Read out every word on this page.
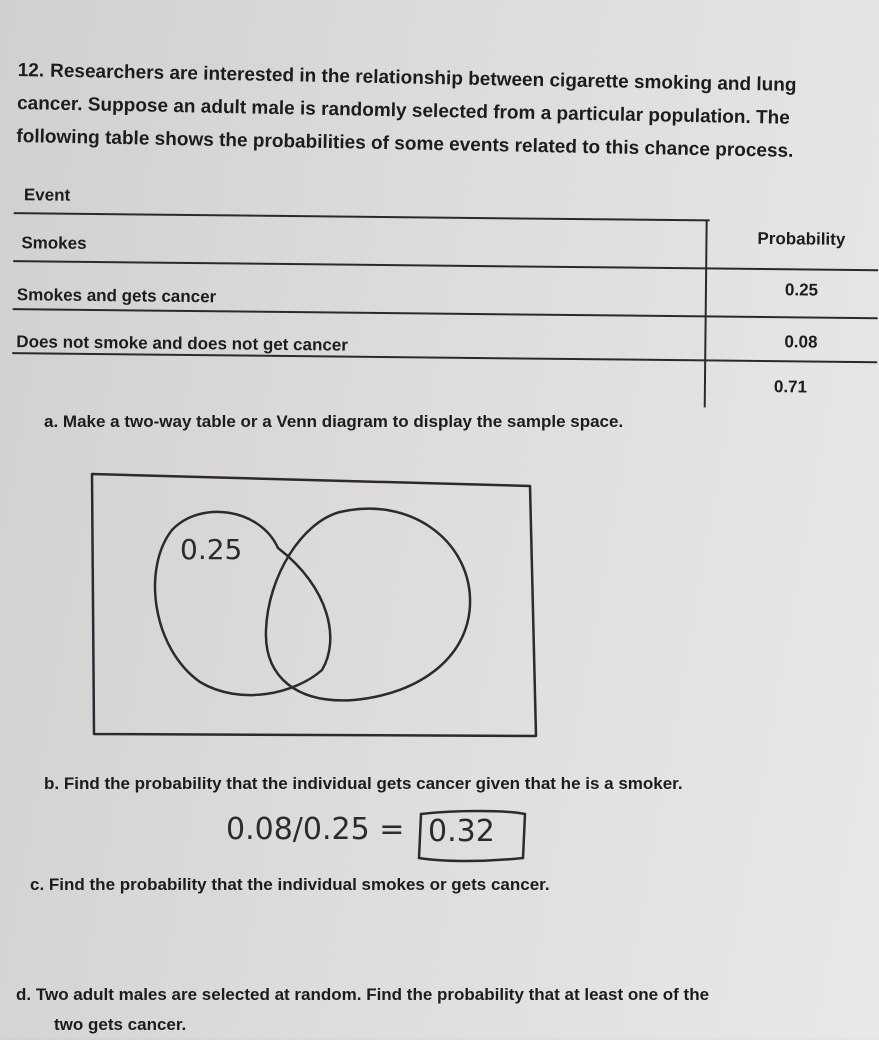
12. Researchers are interested in the relationship between cigarette smoking and lung
cancer. Suppose an adult male is randomly selected from a particular population. The
following table shows the probabilities of some events related to this chance process.
Event
Probability
Smokes
0.25
Smokes and gets cancer
0.08
Does not smoke and does not get cancer
0.71
a. Make a two-way table or a Venn diagram to display the sample space.
0.25
b. Find the probability that the individual gets cancer given that he is a smoker.
0.08/0.25 = 0.32
c. Find the probability that the individual smokes or gets cancer.
d. Two adult males are selected at random. Find the probability that at least one of the
two gets cancer.
